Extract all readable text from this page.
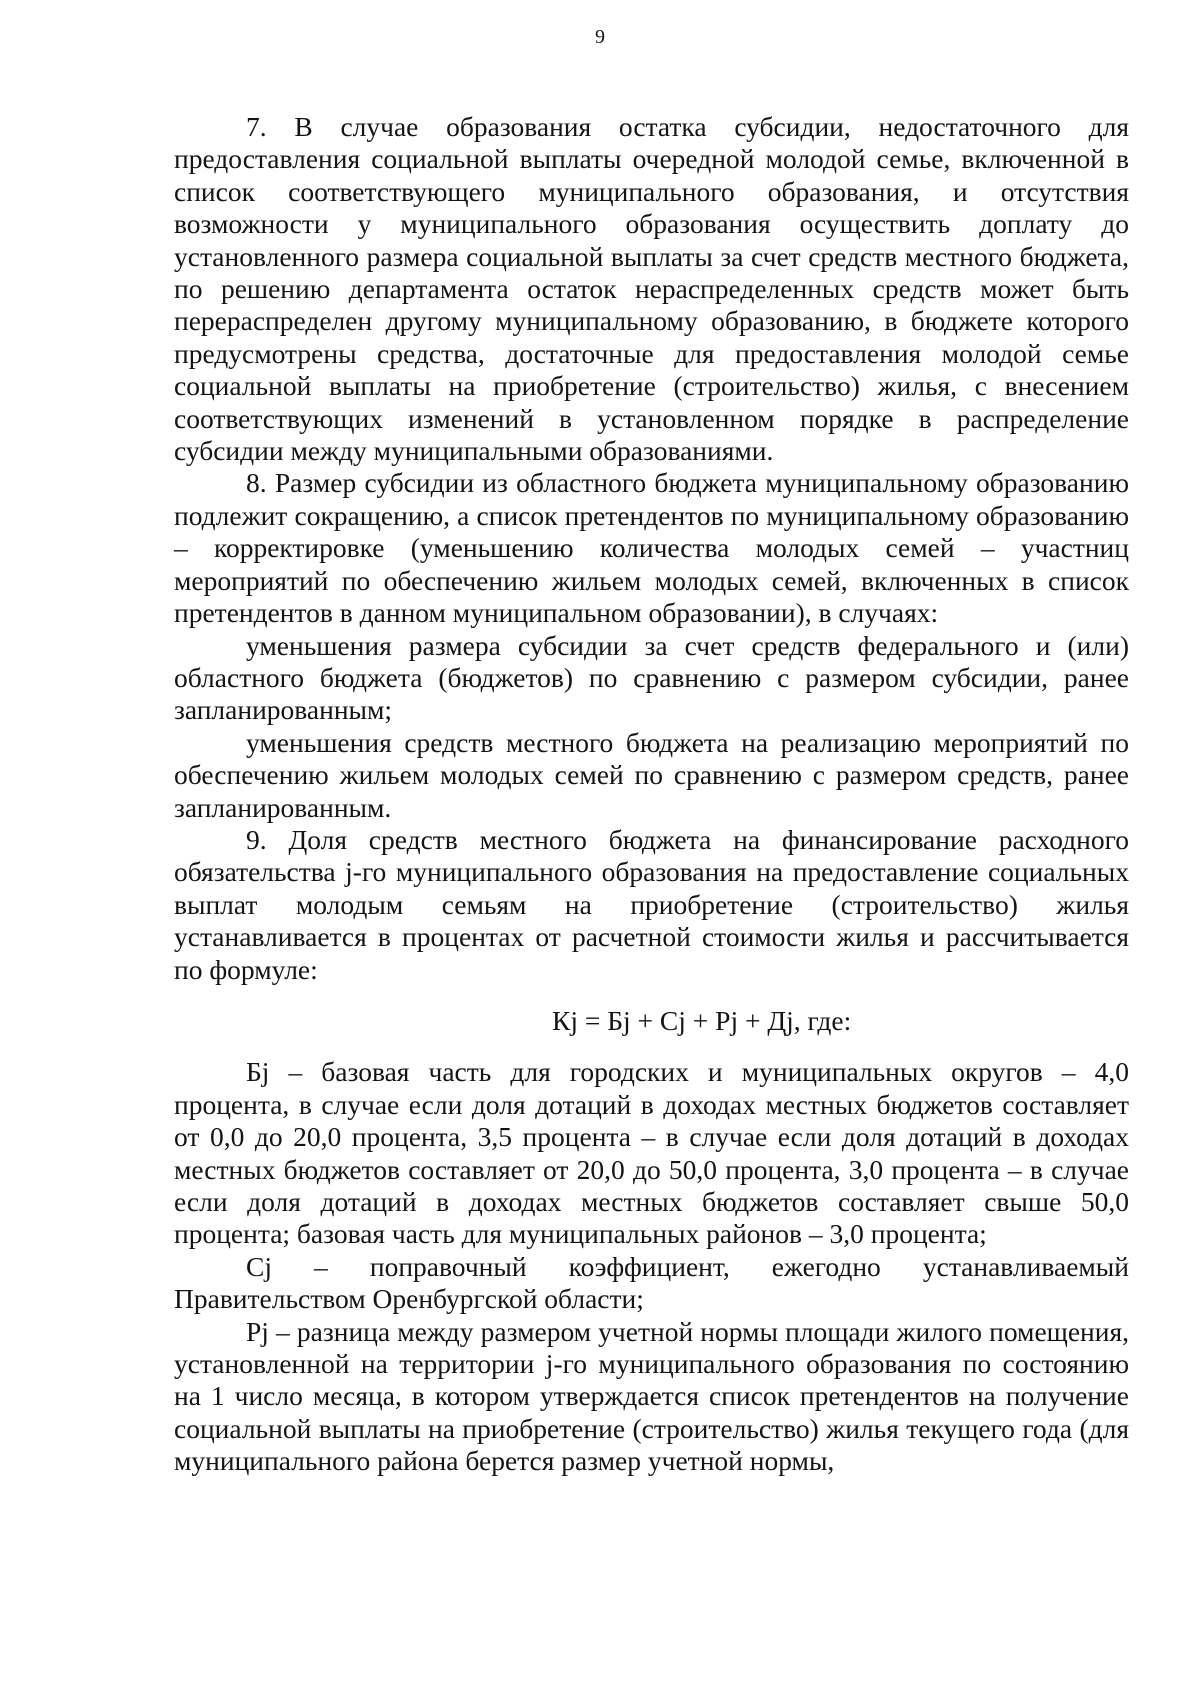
9

7. В случае образования остатка субсидии, недостаточного для предоставления социальной выплаты очередной молодой семье, включенной в список соответствующего муниципального образования, и отсутствия возможности у муниципального образования осуществить доплату до установленного размера социальной выплаты за счет средств местного бюджета, по решению департамента остаток нераспределенных средств может быть перераспределен другому муниципальному образованию, в бюджете которого предусмотрены средства, достаточные для предоставления молодой семье социальной выплаты на приобретение (строительство) жилья, с внесением соответствующих изменений в установленном порядке в распределение субсидии между муниципальными образованиями.

8. Размер субсидии из областного бюджета муниципальному образованию подлежит сокращению, а список претендентов по муниципальному образованию – корректировке (уменьшению количества молодых семей – участниц мероприятий по обеспечению жильем молодых семей, включенных в список претендентов в данном муниципальном образовании), в случаях:

уменьшения размера субсидии за счет средств федерального и (или) областного бюджета (бюджетов) по сравнению с размером субсидии, ранее запланированным;

уменьшения средств местного бюджета на реализацию мероприятий по обеспечению жильем молодых семей по сравнению с размером средств, ранее запланированным.

9. Доля средств местного бюджета на финансирование расходного обязательства j-го муниципального образования на предоставление социальных выплат молодым семьям на приобретение (строительство) жилья устанавливается в процентах от расчетной стоимости жилья и рассчитывается по формуле:

Кj = Бj + Сj + Рj + Дj, где:

Бj – базовая часть для городских и муниципальных округов – 4,0 процента, в случае если доля дотаций в доходах местных бюджетов составляет от 0,0 до 20,0 процента, 3,5 процента – в случае если доля дотаций в доходах местных бюджетов составляет от 20,0 до 50,0 процента, 3,0 процента – в случае если доля дотаций в доходах местных бюджетов составляет свыше 50,0 процента; базовая часть для муниципальных районов – 3,0 процента;

Сj – поправочный коэффициент, ежегодно устанавливаемый Правительством Оренбургской области;

Рj – разница между размером учетной нормы площади жилого помещения, установленной на территории j-го муниципального образования по состоянию на 1 число месяца, в котором утверждается список претендентов на получение социальной выплаты на приобретение (строительство) жилья текущего года (для муниципального района берется размер учетной нормы,
